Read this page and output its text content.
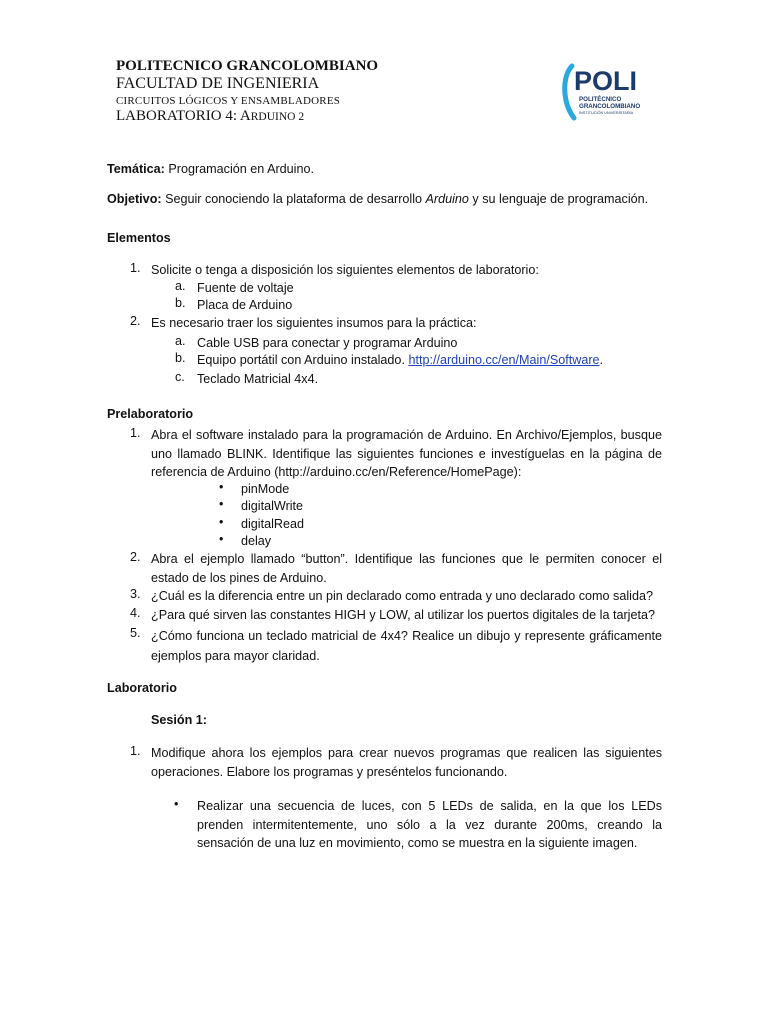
POLITECNICO GRANCOLOMBIANO
FACULTAD DE INGENIERIA
CIRCUITOS LÓGICOS Y ENSAMBLADORES
LABORATORIO 4: ARDUINO 2
POLI
POLITÉCNICO
GRANCOLOMBIANO
INSTITUCIÓN UNIVERSITARIA
Temática: Programación en Arduino.
Objetivo: Seguir conociendo la plataforma de desarrollo Arduino y su lenguaje de programación.
Elementos
1. Solicite o tenga a disposición los siguientes elementos de laboratorio:
a. Fuente de voltaje
b. Placa de Arduino
2. Es necesario traer los siguientes insumos para la práctica:
a. Cable USB para conectar y programar Arduino
b. Equipo portátil con Arduino instalado. http://arduino.cc/en/Main/Software.
c. Teclado Matricial 4x4.
Prelaboratorio
1. Abra el software instalado para la programación de Arduino. En Archivo/Ejemplos, busque uno llamado BLINK. Identifique las siguientes funciones e investíguelas en la página de referencia de Arduino (http://arduino.cc/en/Reference/HomePage):
• pinMode
• digitalWrite
• digitalRead
• delay
2. Abra el ejemplo llamado “button”. Identifique las funciones que le permiten conocer el estado de los pines de Arduino.
3. ¿Cuál es la diferencia entre un pin declarado como entrada y uno declarado como salida?
4. ¿Para qué sirven las constantes HIGH y LOW, al utilizar los puertos digitales de la tarjeta?
5. ¿Cómo funciona un teclado matricial de 4x4? Realice un dibujo y represente gráficamente ejemplos para mayor claridad.
Laboratorio
Sesión 1:
1. Modifique ahora los ejemplos para crear nuevos programas que realicen las siguientes operaciones. Elabore los programas y preséntelos funcionando.
• Realizar una secuencia de luces, con 5 LEDs de salida, en la que los LEDs prenden intermitentemente, uno sólo a la vez durante 200ms, creando la sensación de una luz en movimiento, como se muestra en la siguiente imagen.
